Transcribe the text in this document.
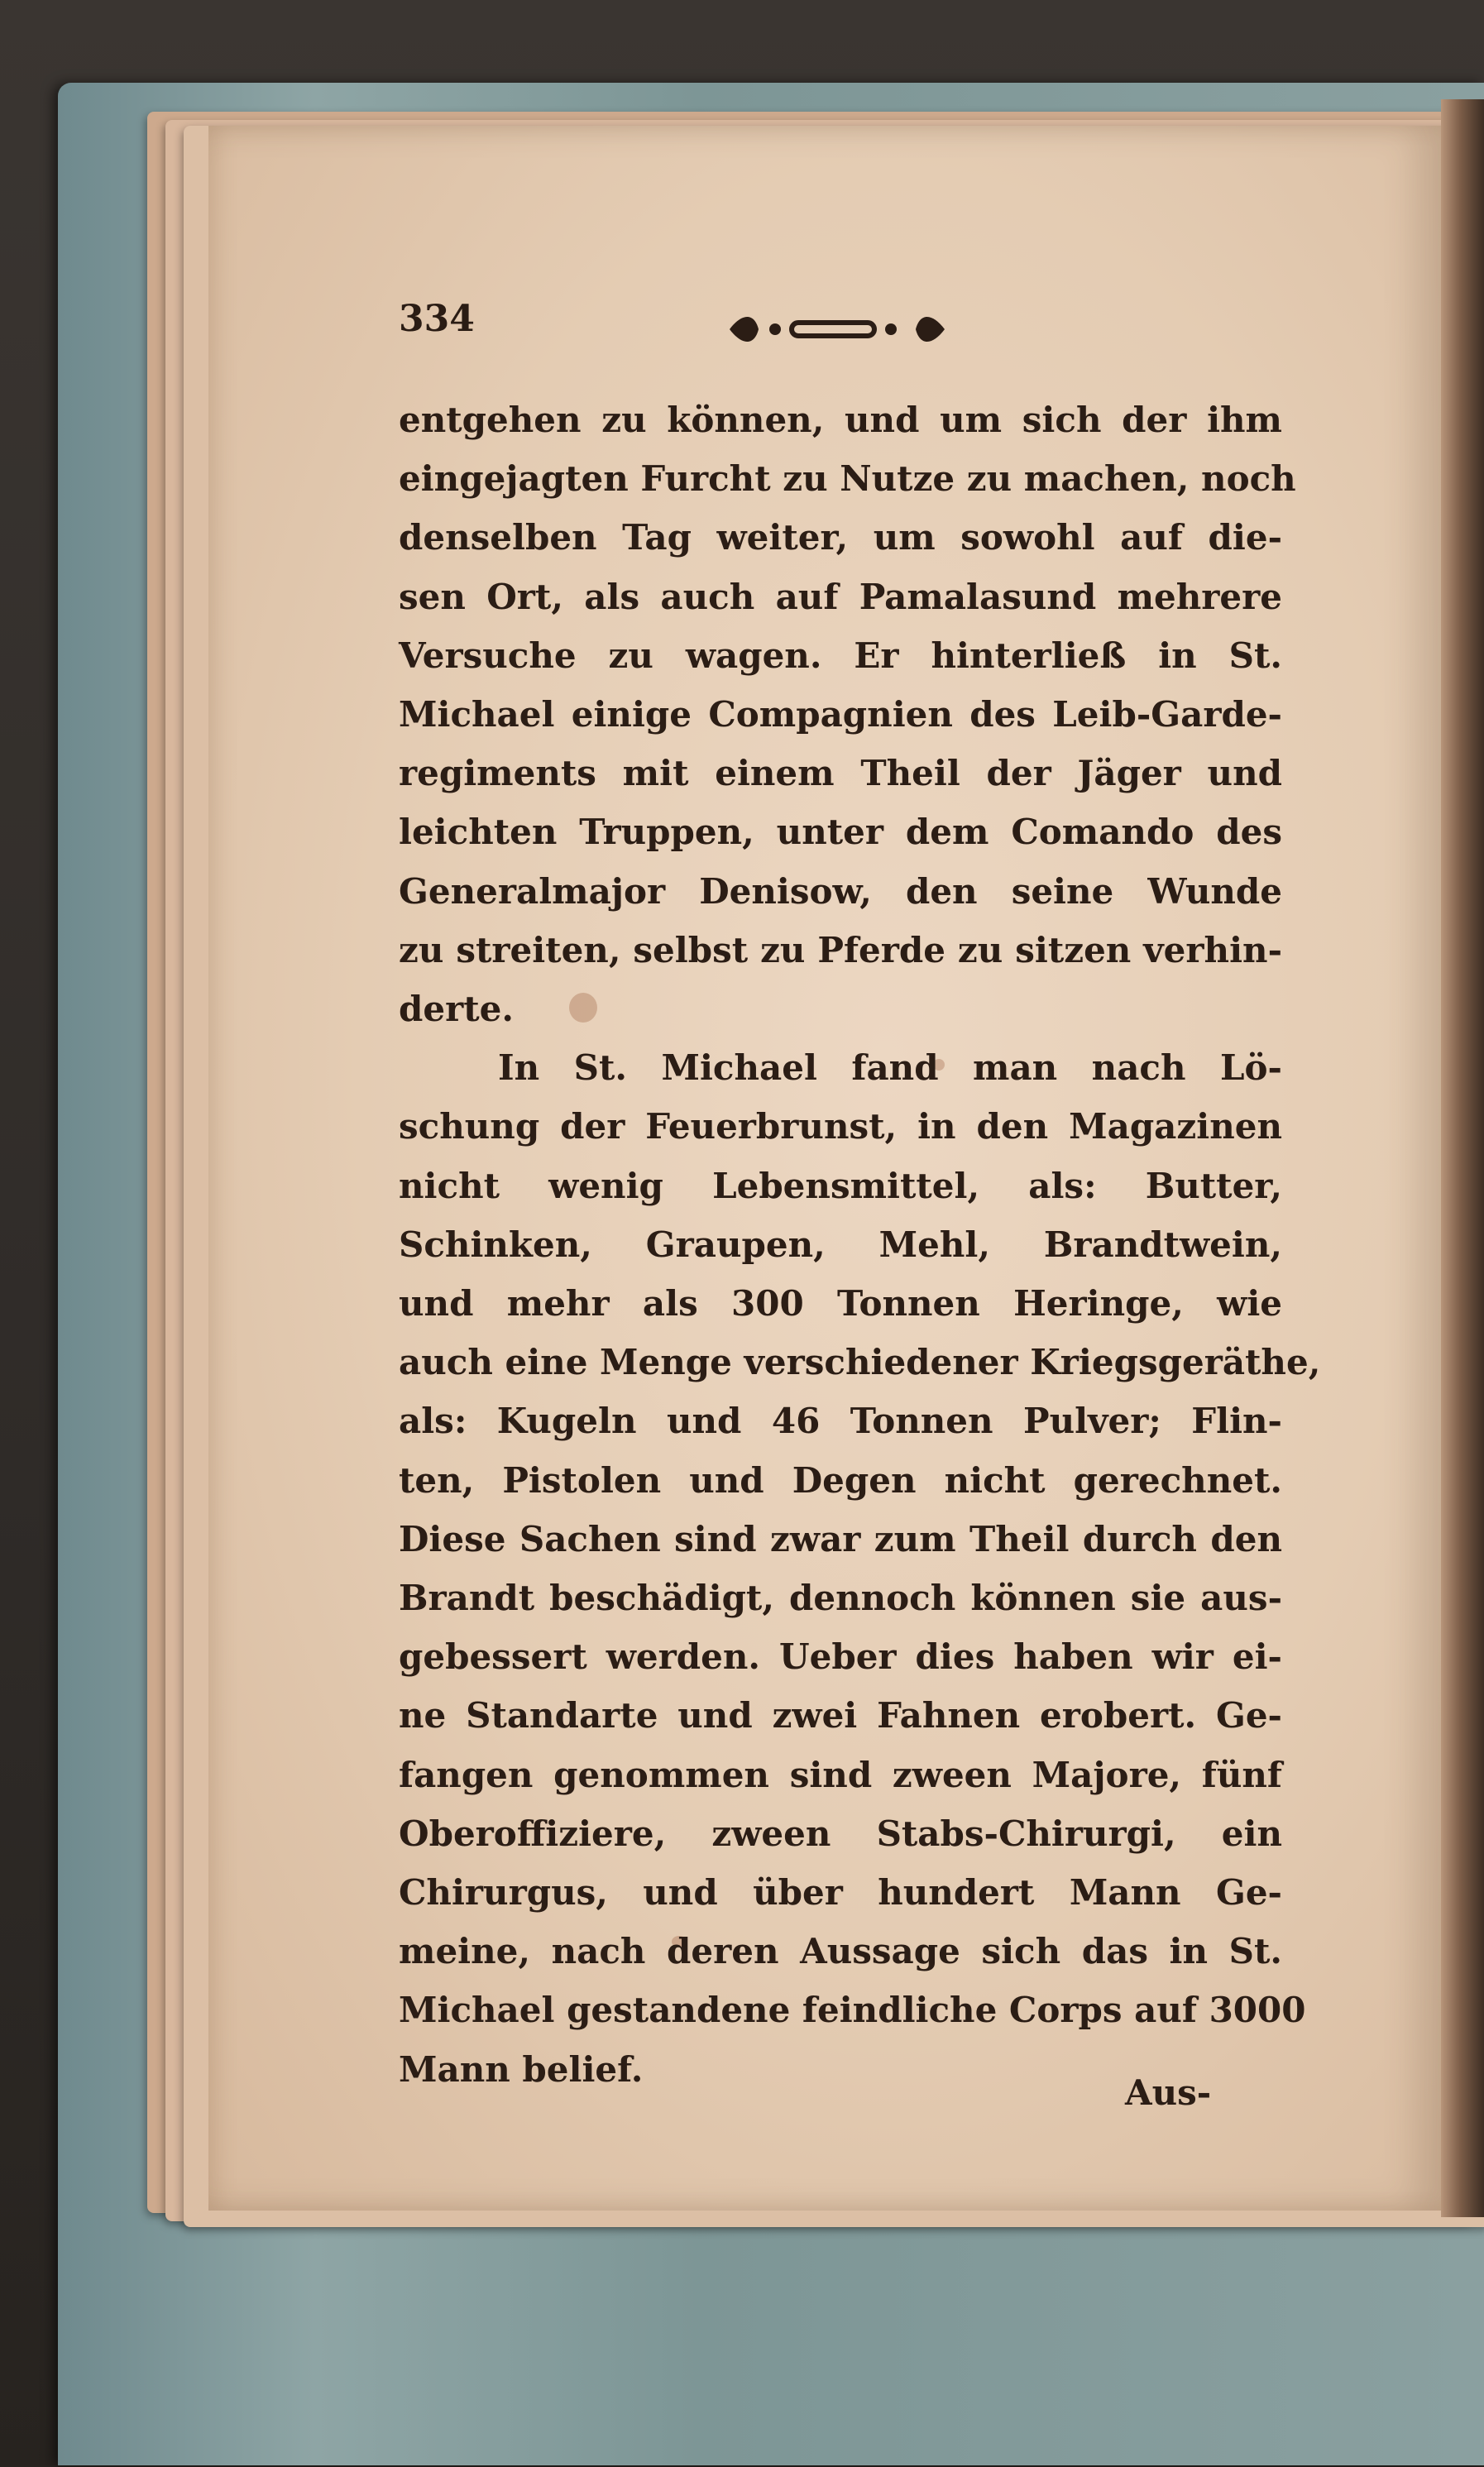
334
entgehen zu können, und um sich der ihm
eingejagten Furcht zu Nutze zu machen, noch
denselben Tag weiter, um sowohl auf die-
sen Ort, als auch auf Pamalasund mehrere
Versuche zu wagen. Er hinterließ in St.
Michael einige Compagnien des Leib-Garde-
regiments mit einem Theil der Jäger und
leichten Truppen, unter dem Comando des
Generalmajor Denisow, den seine Wunde
zu streiten, selbst zu Pferde zu sitzen verhin-
derte.
In St. Michael fand man nach Lö-
schung der Feuerbrunst, in den Magazinen
nicht wenig Lebensmittel, als: Butter,
Schinken, Graupen, Mehl, Brandtwein,
und mehr als 300 Tonnen Heringe, wie
auch eine Menge verschiedener Kriegsgeräthe,
als: Kugeln und 46 Tonnen Pulver; Flin-
ten, Pistolen und Degen nicht gerechnet.
Diese Sachen sind zwar zum Theil durch den
Brandt beschädigt, dennoch können sie aus-
gebessert werden. Ueber dies haben wir ei-
ne Standarte und zwei Fahnen erobert. Ge-
fangen genommen sind zween Majore, fünf
Oberoffiziere, zween Stabs-Chirurgi, ein
Chirurgus, und über hundert Mann Ge-
meine, nach deren Aussage sich das in St.
Michael gestandene feindliche Corps auf 3000
Mann belief.
Aus-
